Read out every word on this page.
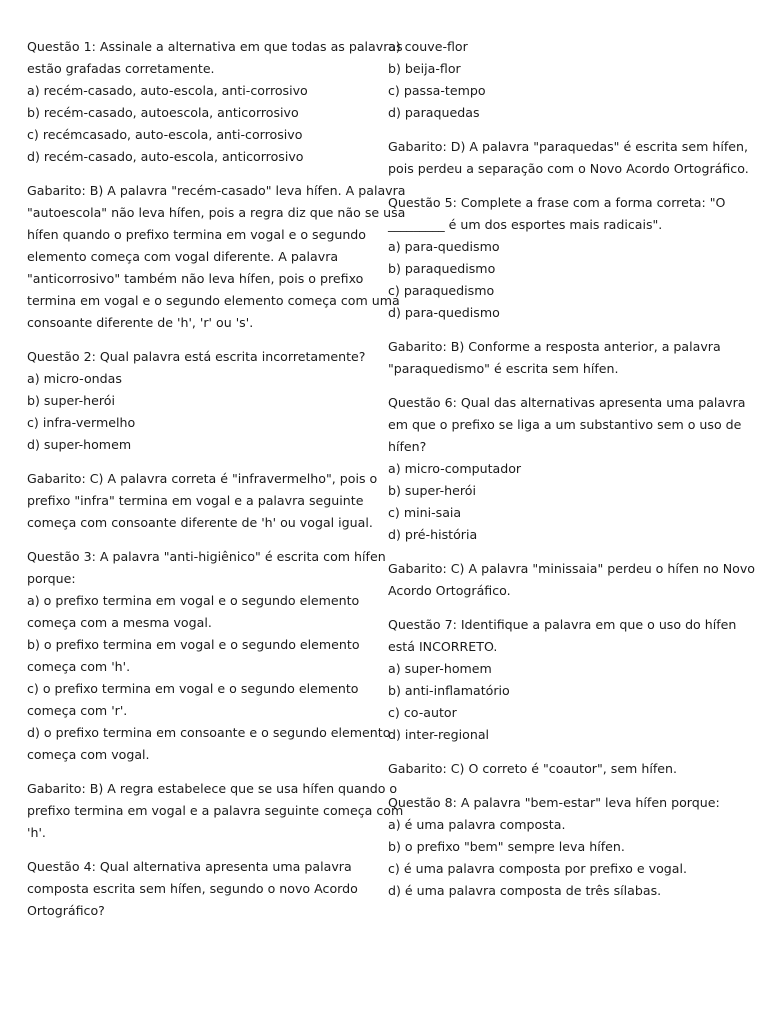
Questão 1: Assinale a alternativa em que todas as palavras
estão grafadas corretamente.
a) recém-casado, auto-escola, anti-corrosivo
b) recém-casado, autoescola, anticorrosivo
c) recémcasado, auto-escola, anti-corrosivo
d) recém-casado, auto-escola, anticorrosivo
Gabarito: B) A palavra "recém-casado" leva hífen. A palavra
"autoescola" não leva hífen, pois a regra diz que não se usa
hífen quando o prefixo termina em vogal e o segundo
elemento começa com vogal diferente. A palavra
"anticorrosivo" também não leva hífen, pois o prefixo
termina em vogal e o segundo elemento começa com uma
consoante diferente de 'h', 'r' ou 's'.
Questão 2: Qual palavra está escrita incorretamente?
a) micro-ondas
b) super-herói
c) infra-vermelho
d) super-homem
Gabarito: C) A palavra correta é "infravermelho", pois o
prefixo "infra" termina em vogal e a palavra seguinte
começa com consoante diferente de 'h' ou vogal igual.
Questão 3: A palavra "anti-higiênico" é escrita com hífen
porque:
a) o prefixo termina em vogal e o segundo elemento
começa com a mesma vogal.
b) o prefixo termina em vogal e o segundo elemento
começa com 'h'.
c) o prefixo termina em vogal e o segundo elemento
começa com 'r'.
d) o prefixo termina em consoante e o segundo elemento
começa com vogal.
Gabarito: B) A regra estabelece que se usa hífen quando o
prefixo termina em vogal e a palavra seguinte começa com
'h'.
Questão 4: Qual alternativa apresenta uma palavra
composta escrita sem hífen, segundo o novo Acordo
Ortográfico?
a) couve-flor
b) beija-flor
c) passa-tempo
d) paraquedas
Gabarito: D) A palavra "paraquedas" é escrita sem hífen,
pois perdeu a separação com o Novo Acordo Ortográfico.
Questão 5: Complete a frase com a forma correta: "O
_________ é um dos esportes mais radicais".
a) para-quedismo
b) paraquedismo
c) paraquedismo
d) para-quedismo
Gabarito: B) Conforme a resposta anterior, a palavra
"paraquedismo" é escrita sem hífen.
Questão 6: Qual das alternativas apresenta uma palavra
em que o prefixo se liga a um substantivo sem o uso de
hífen?
a) micro-computador
b) super-herói
c) mini-saia
d) pré-história
Gabarito: C) A palavra "minissaia" perdeu o hífen no Novo
Acordo Ortográfico.
Questão 7: Identifique a palavra em que o uso do hífen
está INCORRETO.
a) super-homem
b) anti-inflamatório
c) co-autor
d) inter-regional
Gabarito: C) O correto é "coautor", sem hífen.
Questão 8: A palavra "bem-estar" leva hífen porque:
a) é uma palavra composta.
b) o prefixo "bem" sempre leva hífen.
c) é uma palavra composta por prefixo e vogal.
d) é uma palavra composta de três sílabas.
